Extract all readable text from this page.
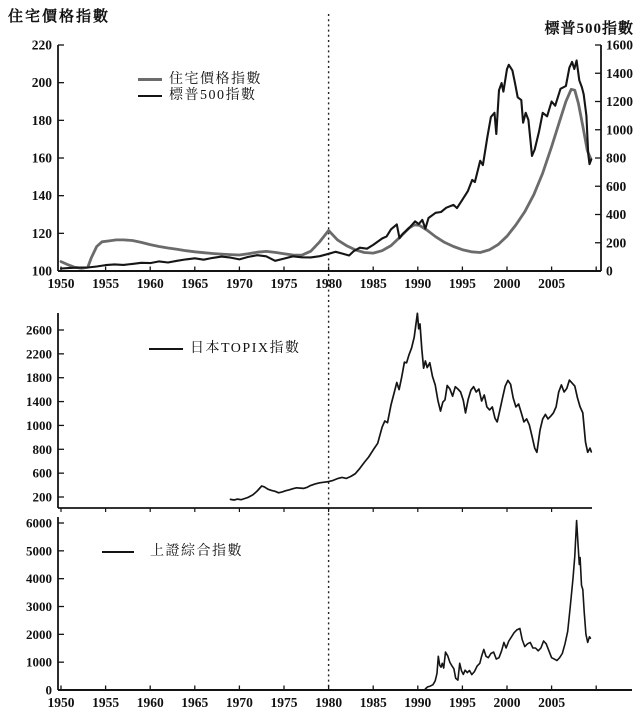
住宅價格指數
標普500指數
220
200
180
160
140
120
100
1600
1400
1200
1000
800
600
400
200
0
1950 1955 1960 1965 1970 1975 1980 1985 1990 1995 2000 2005
2600
2200
1800
1400
1000
800
600
200
6000
5000
4000
3000
2000
1000
0
1950 1955 1960 1965 1970 1975 1980 1985 1990 1995 2000 2005
住宅價格指數
標普500指數
日本TOPIX指數
上證綜合指數
